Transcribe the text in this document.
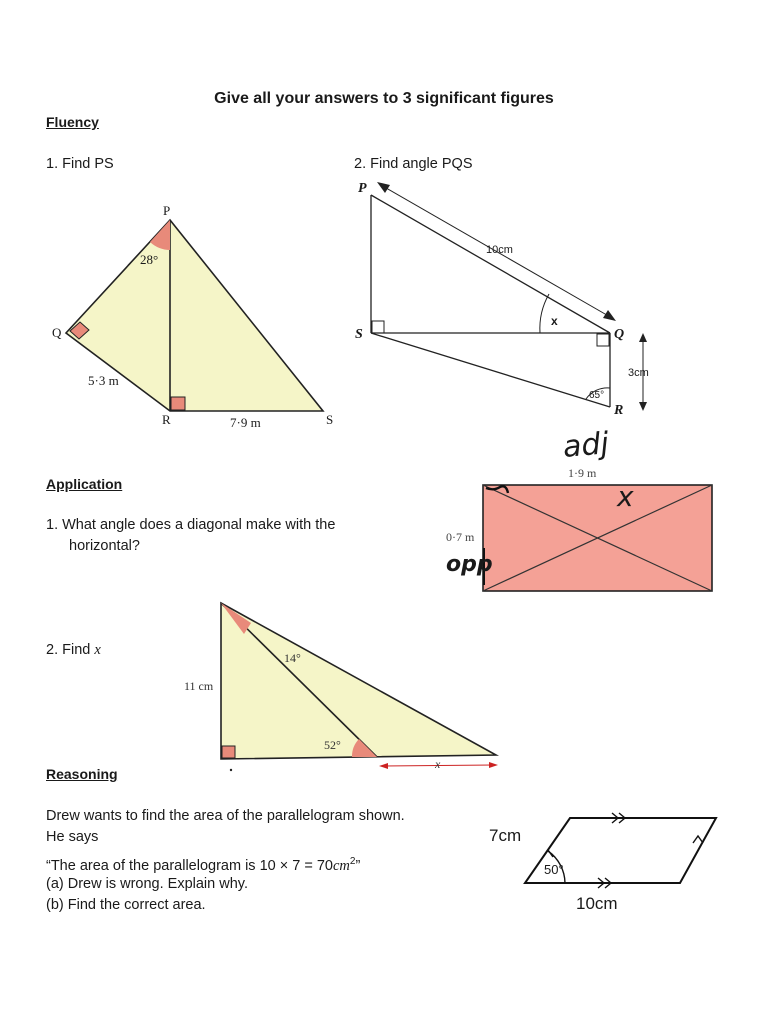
Give all your answers to 3 significant figures
Fluency
1. Find PS	2. Find angle PQS
P
Q
R	S
28°
5·3 m
7·9 m
P
S	Q
R
10cm
x
3cm
65°
Application
1. What angle does a diagonal make with the
horizontal?
1·9 m
0·7 m
adj
opp
x
2. Find x
11 cm
14°
52°
x
Reasoning
Drew wants to find the area of the parallelogram shown.
He says
“The area of the parallelogram is $10 \times 7 = 70cm^2$”
(a) Drew is wrong. Explain why.
(b) Find the correct area.
7cm
50°
10cm
